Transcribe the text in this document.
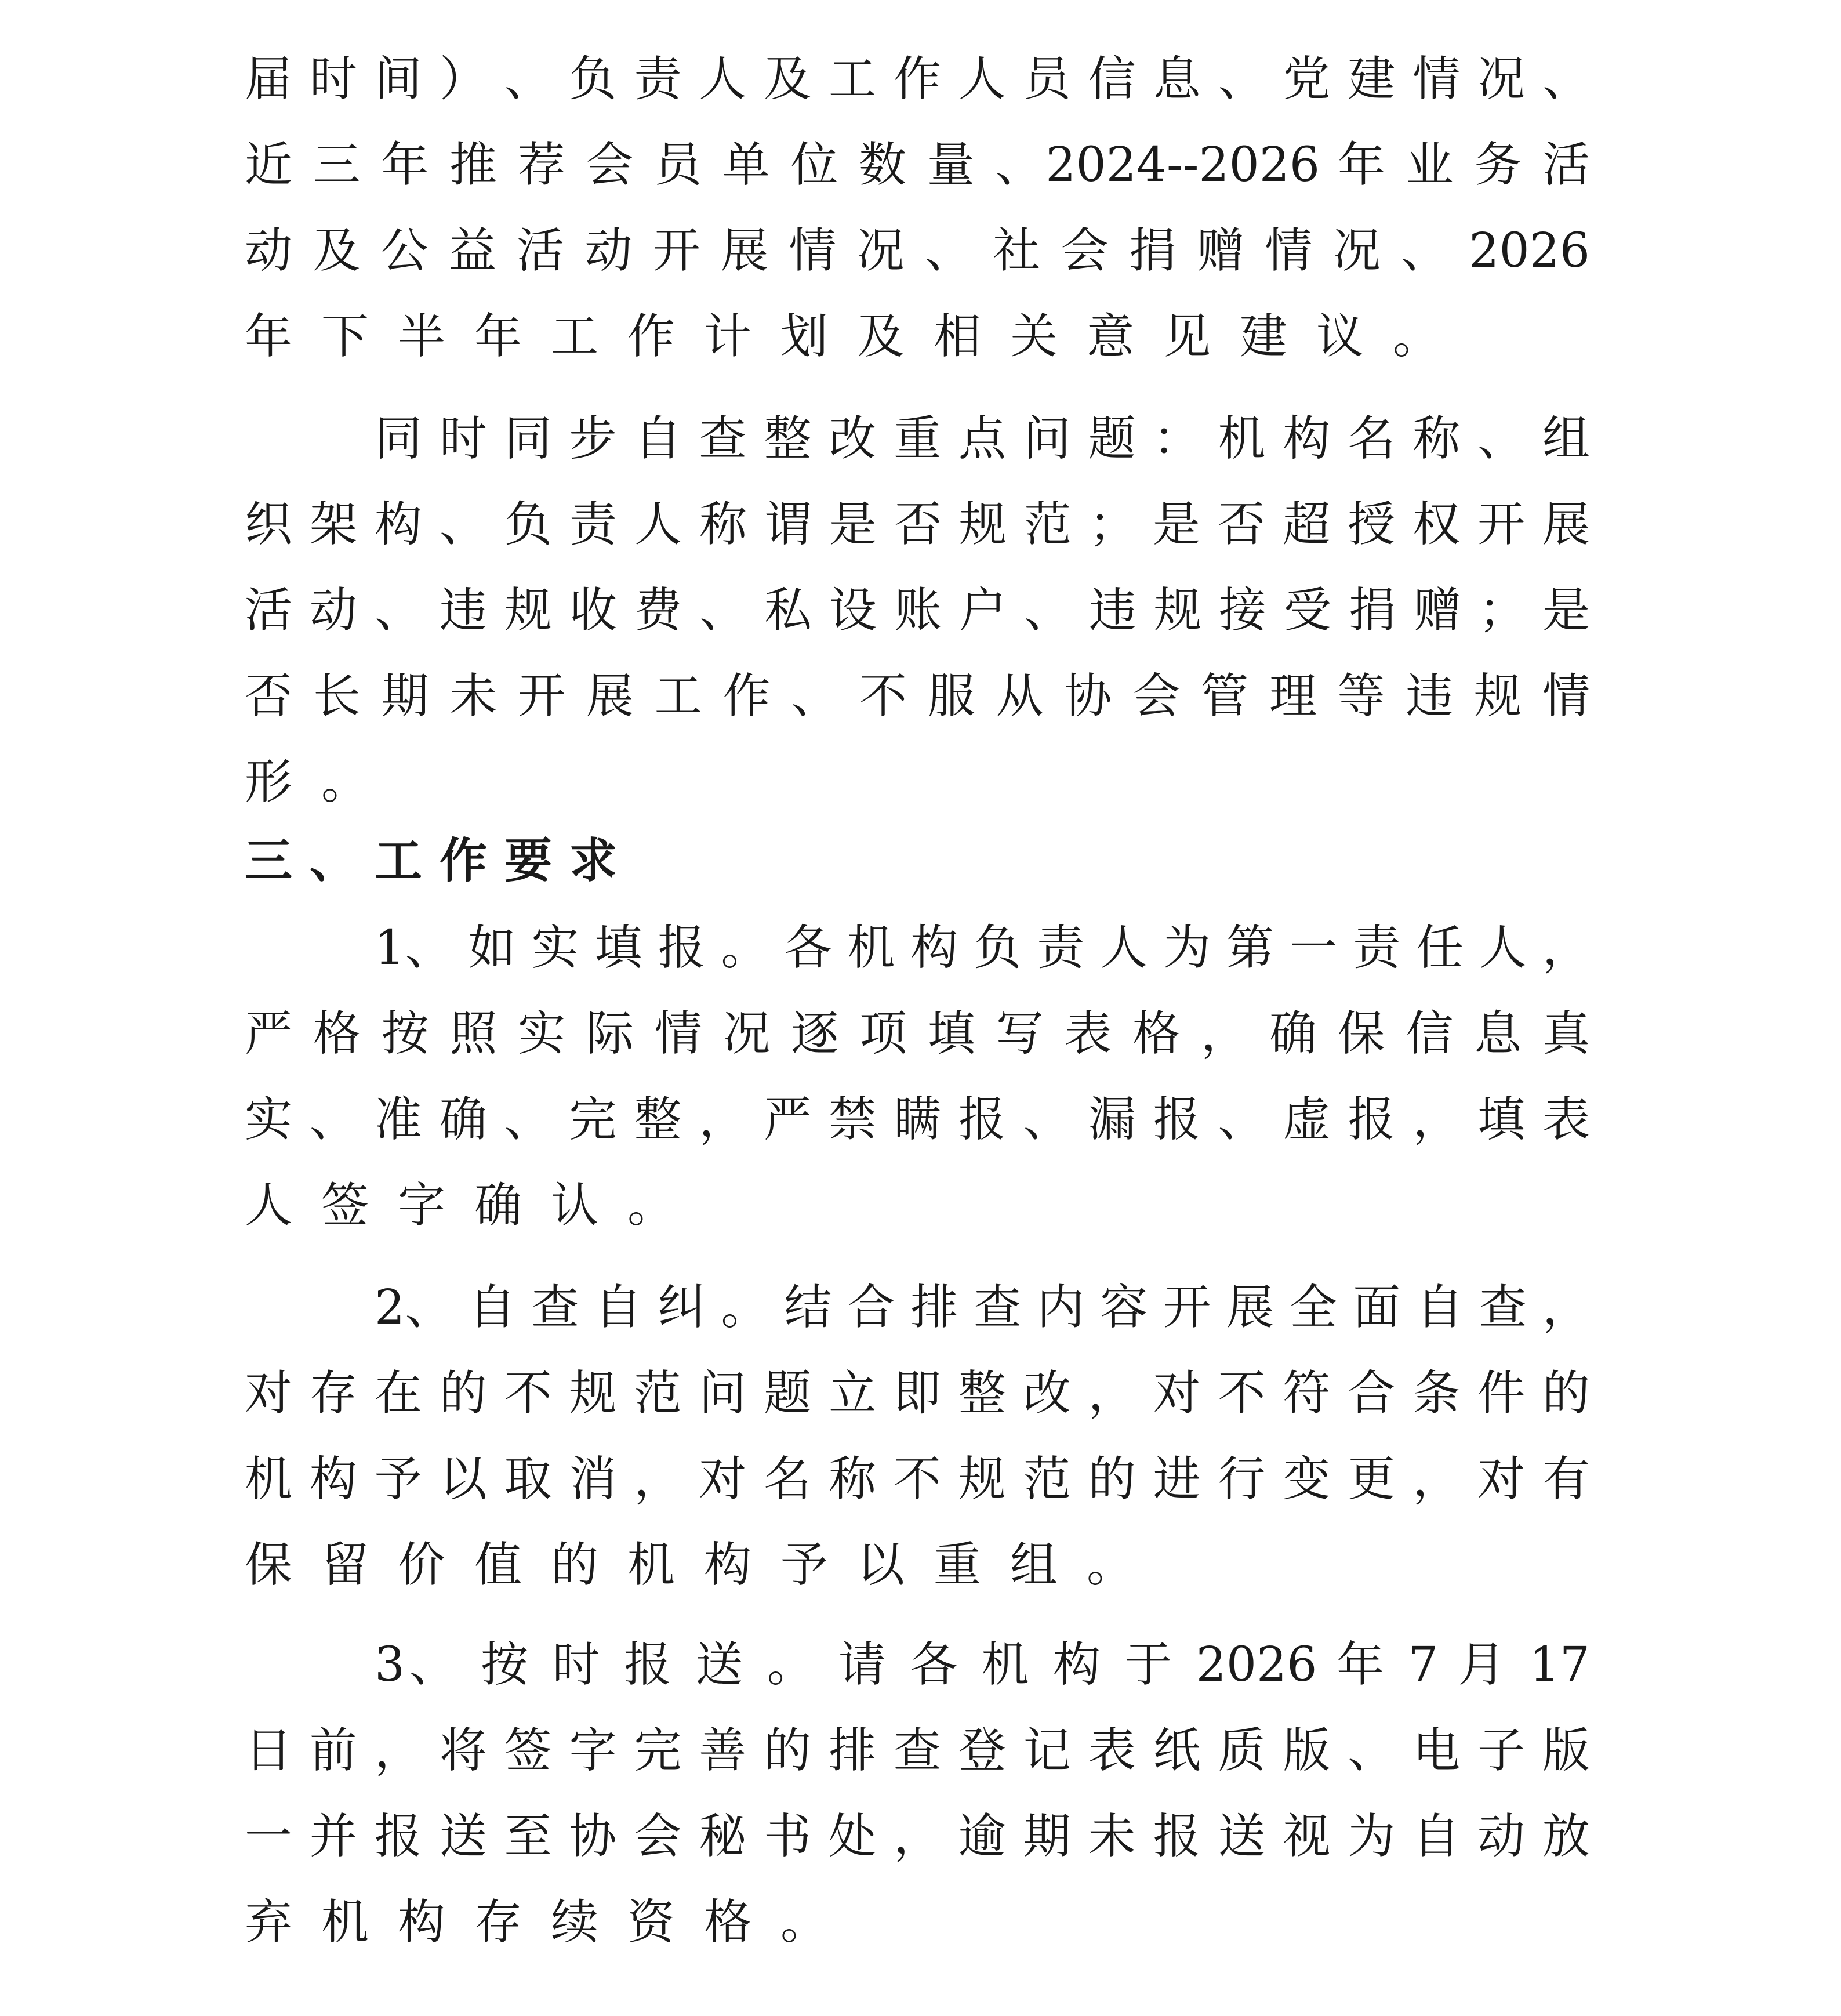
届 时 间 ） 、 负 责 人 及 工 作 人 员 信 息 、 党 建 情 况 、
近 三 年 推 荐 会 员 单 位 数 量 、2024--2026 年 业 务 活
动 及 公 益 活 动 开 展 情 况 、 社 会 捐 赠 情 况 、 2026
年下半年工作计划及相关意见建议。
同 时 同 步 自 查 整 改 重 点 问 题 ： 机 构 名 称 、 组
织 架 构 、 负 责 人 称 谓 是 否 规 范 ； 是 否 超 授 权 开 展
活 动 、 违 规 收 费 、 私 设 账 户 、 违 规 接 受 捐 赠 ； 是
否 长 期 未 开 展 工 作 、 不 服 从 协 会 管 理 等 违 规 情
形。
三、工作要求
1、 如 实 填 报 。 各 机 构 负 责 人 为 第 一 责 任 人 ，
严 格 按 照 实 际 情 况 逐 项 填 写 表 格 ， 确 保 信 息 真
实 、 准 确 、 完 整 ， 严 禁 瞒 报 、 漏 报 、 虚 报 ， 填 表
人签字确认。
2、 自 查 自 纠 。 结 合 排 查 内 容 开 展 全 面 自 查 ，
对 存 在 的 不 规 范 问 题 立 即 整 改 ， 对 不 符 合 条 件 的
机 构 予 以 取 消 ， 对 名 称 不 规 范 的 进 行 变 更 ， 对 有
保留价值的机构予以重组。
3、 按 时 报 送 。 请 各 机 构 于 2026 年 7 月 17
日 前 ， 将 签 字 完 善 的 排 查 登 记 表 纸 质 版 、 电 子 版
一 并 报 送 至 协 会 秘 书 处 ， 逾 期 未 报 送 视 为 自 动 放
弃机构存续资格。
